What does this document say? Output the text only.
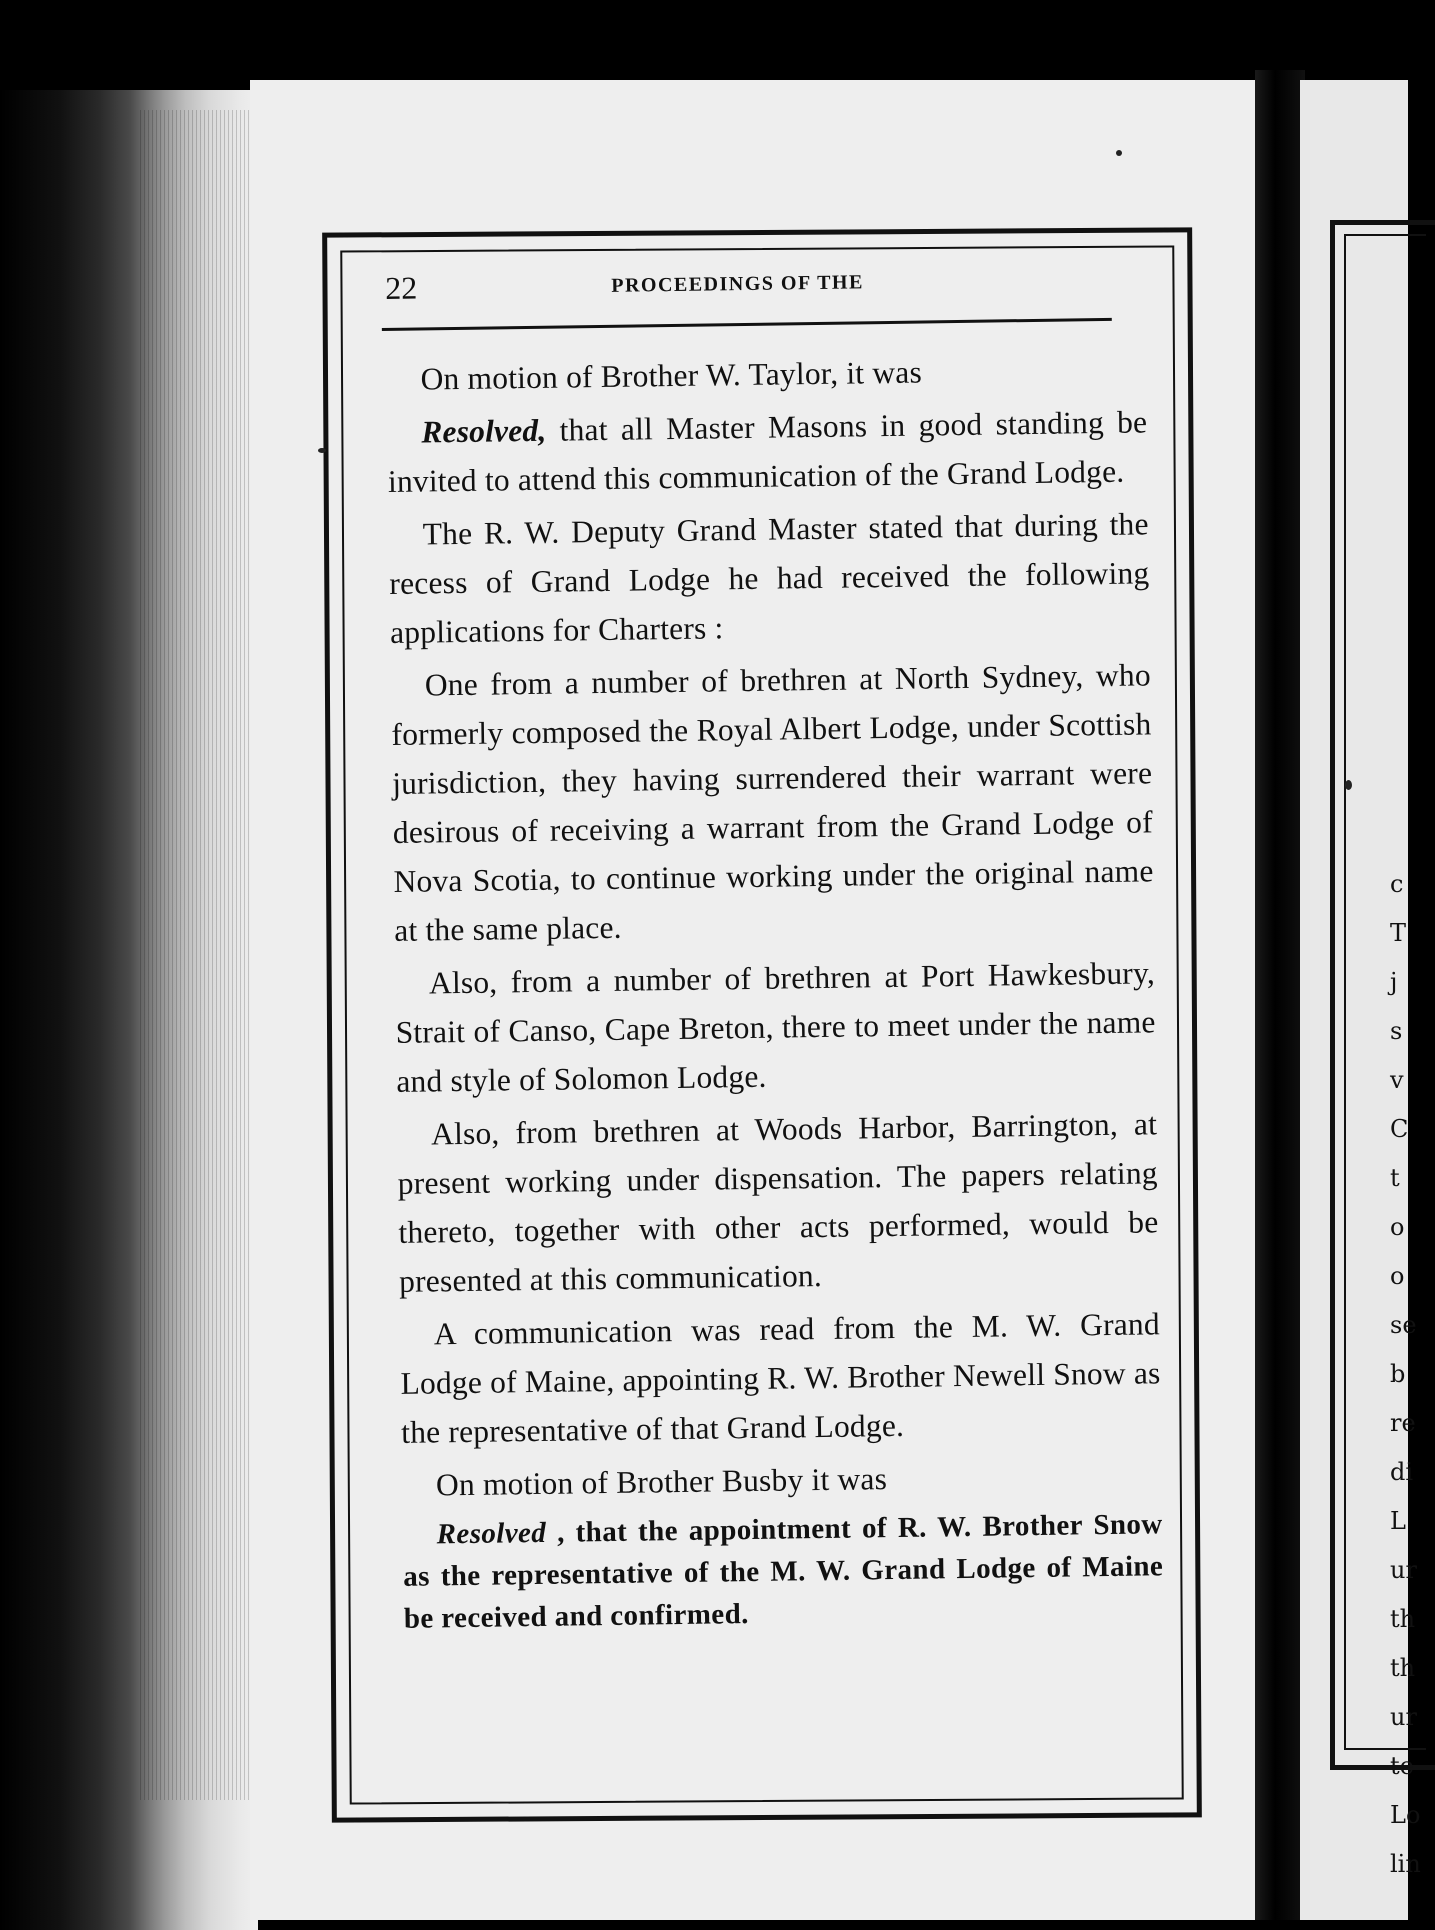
c
T
j
s
v
C
t
o
o
se
b
re
di
L
ur
th
th
ur
te
Lo
lin
22	PROCEEDINGS OF THE

On motion of Brother W. Taylor, it was

Resolved, that all Master Masons in good standing be invited to attend this communication of the Grand Lodge.

The R. W. Deputy Grand Master stated that during the recess of Grand Lodge he had received the following applications for Charters :

One from a number of brethren at North Sydney, who formerly composed the Royal Albert Lodge, under Scottish jurisdiction, they having surrendered their warrant were desirous of receiving a warrant from the Grand Lodge of Nova Scotia, to continue working under the original name at the same place.

Also, from a number of brethren at Port Hawkesbury, Strait of Canso, Cape Breton, there to meet under the name and style of Solomon Lodge.

Also, from brethren at Woods Harbor, Barrington, at present working under dispensation. The papers relating thereto, together with other acts performed, would be presented at this communication.

A communication was read from the M. W. Grand Lodge of Maine, appointing R. W. Brother Newell Snow as the representative of that Grand Lodge.

On motion of Brother Busby it was

Resolved , that the appointment of R. W. Brother Snow as the representative of the M. W. Grand Lodge of Maine be received and confirmed.
